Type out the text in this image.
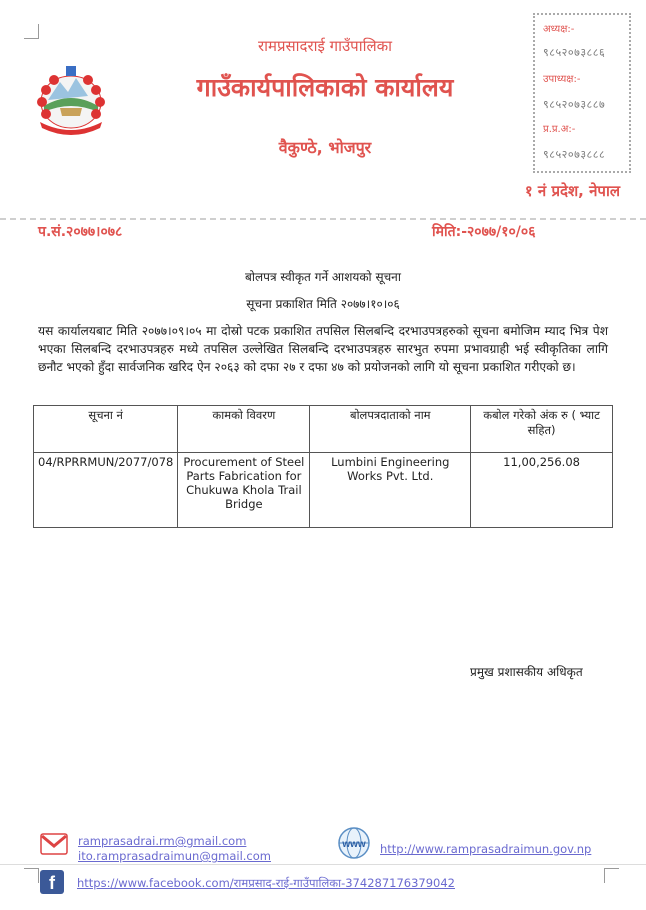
रामप्रसादराई गाउँपालिका
गाउँकार्यपालिकाको कार्यालय
वैकुण्ठे, भोजपुर
१ नं प्रदेश, नेपाल
अध्यक्ष:-
९८५२०७३८८६
उपाध्यक्ष:-
९८५२०७३८८७
प्र.प्र.अ:-
९८५२०७३८८८
प.सं.२०७७।०७८	मिति:-२०७७/१०/०६
बोलपत्र स्वीकृत गर्ने आशयको सूचना
सूचना प्रकाशित मिति २०७७।१०।०६
यस कार्यालयबाट मिति २०७७।०९।०५ मा दोस्रो पटक प्रकाशित तपसिल सिलबन्दि दरभाउपत्रहरुको सूचना बमोजिम म्याद भित्र पेश भएका सिलबन्दि दरभाउपत्रहरु मध्ये तपसिल उल्लेखित सिलबन्दि दरभाउपत्रहरु सारभुत रुपमा प्रभावग्राही भई स्वीकृतिका लागि छनौट भएको हुँदा सार्वजनिक खरिद ऐन २०६३ को दफा २७ र दफा ४७ को प्रयोजनको लागि यो सूचना प्रकाशित गरीएको छ।
सूचना नं	कामको विवरण	बोलपत्रदाताको नाम	कबोल गरेको अंक रु ( भ्याट सहित)
04/RPRRMUN/2077/078	Procurement of Steel Parts Fabrication for Chukuwa Khola Trail Bridge	Lumbini Engineering Works Pvt. Ltd.	11,00,256.08
प्रमुख प्रशासकीय अधिकृत
ramprasadrai.rm@gmail.com
ito.ramprasadraimun@gmail.com
www http://www.ramprasadraimun.gov.np
f	https://www.facebook.com/रामप्रसाद-राई-गाउँपालिका-374287176379042
